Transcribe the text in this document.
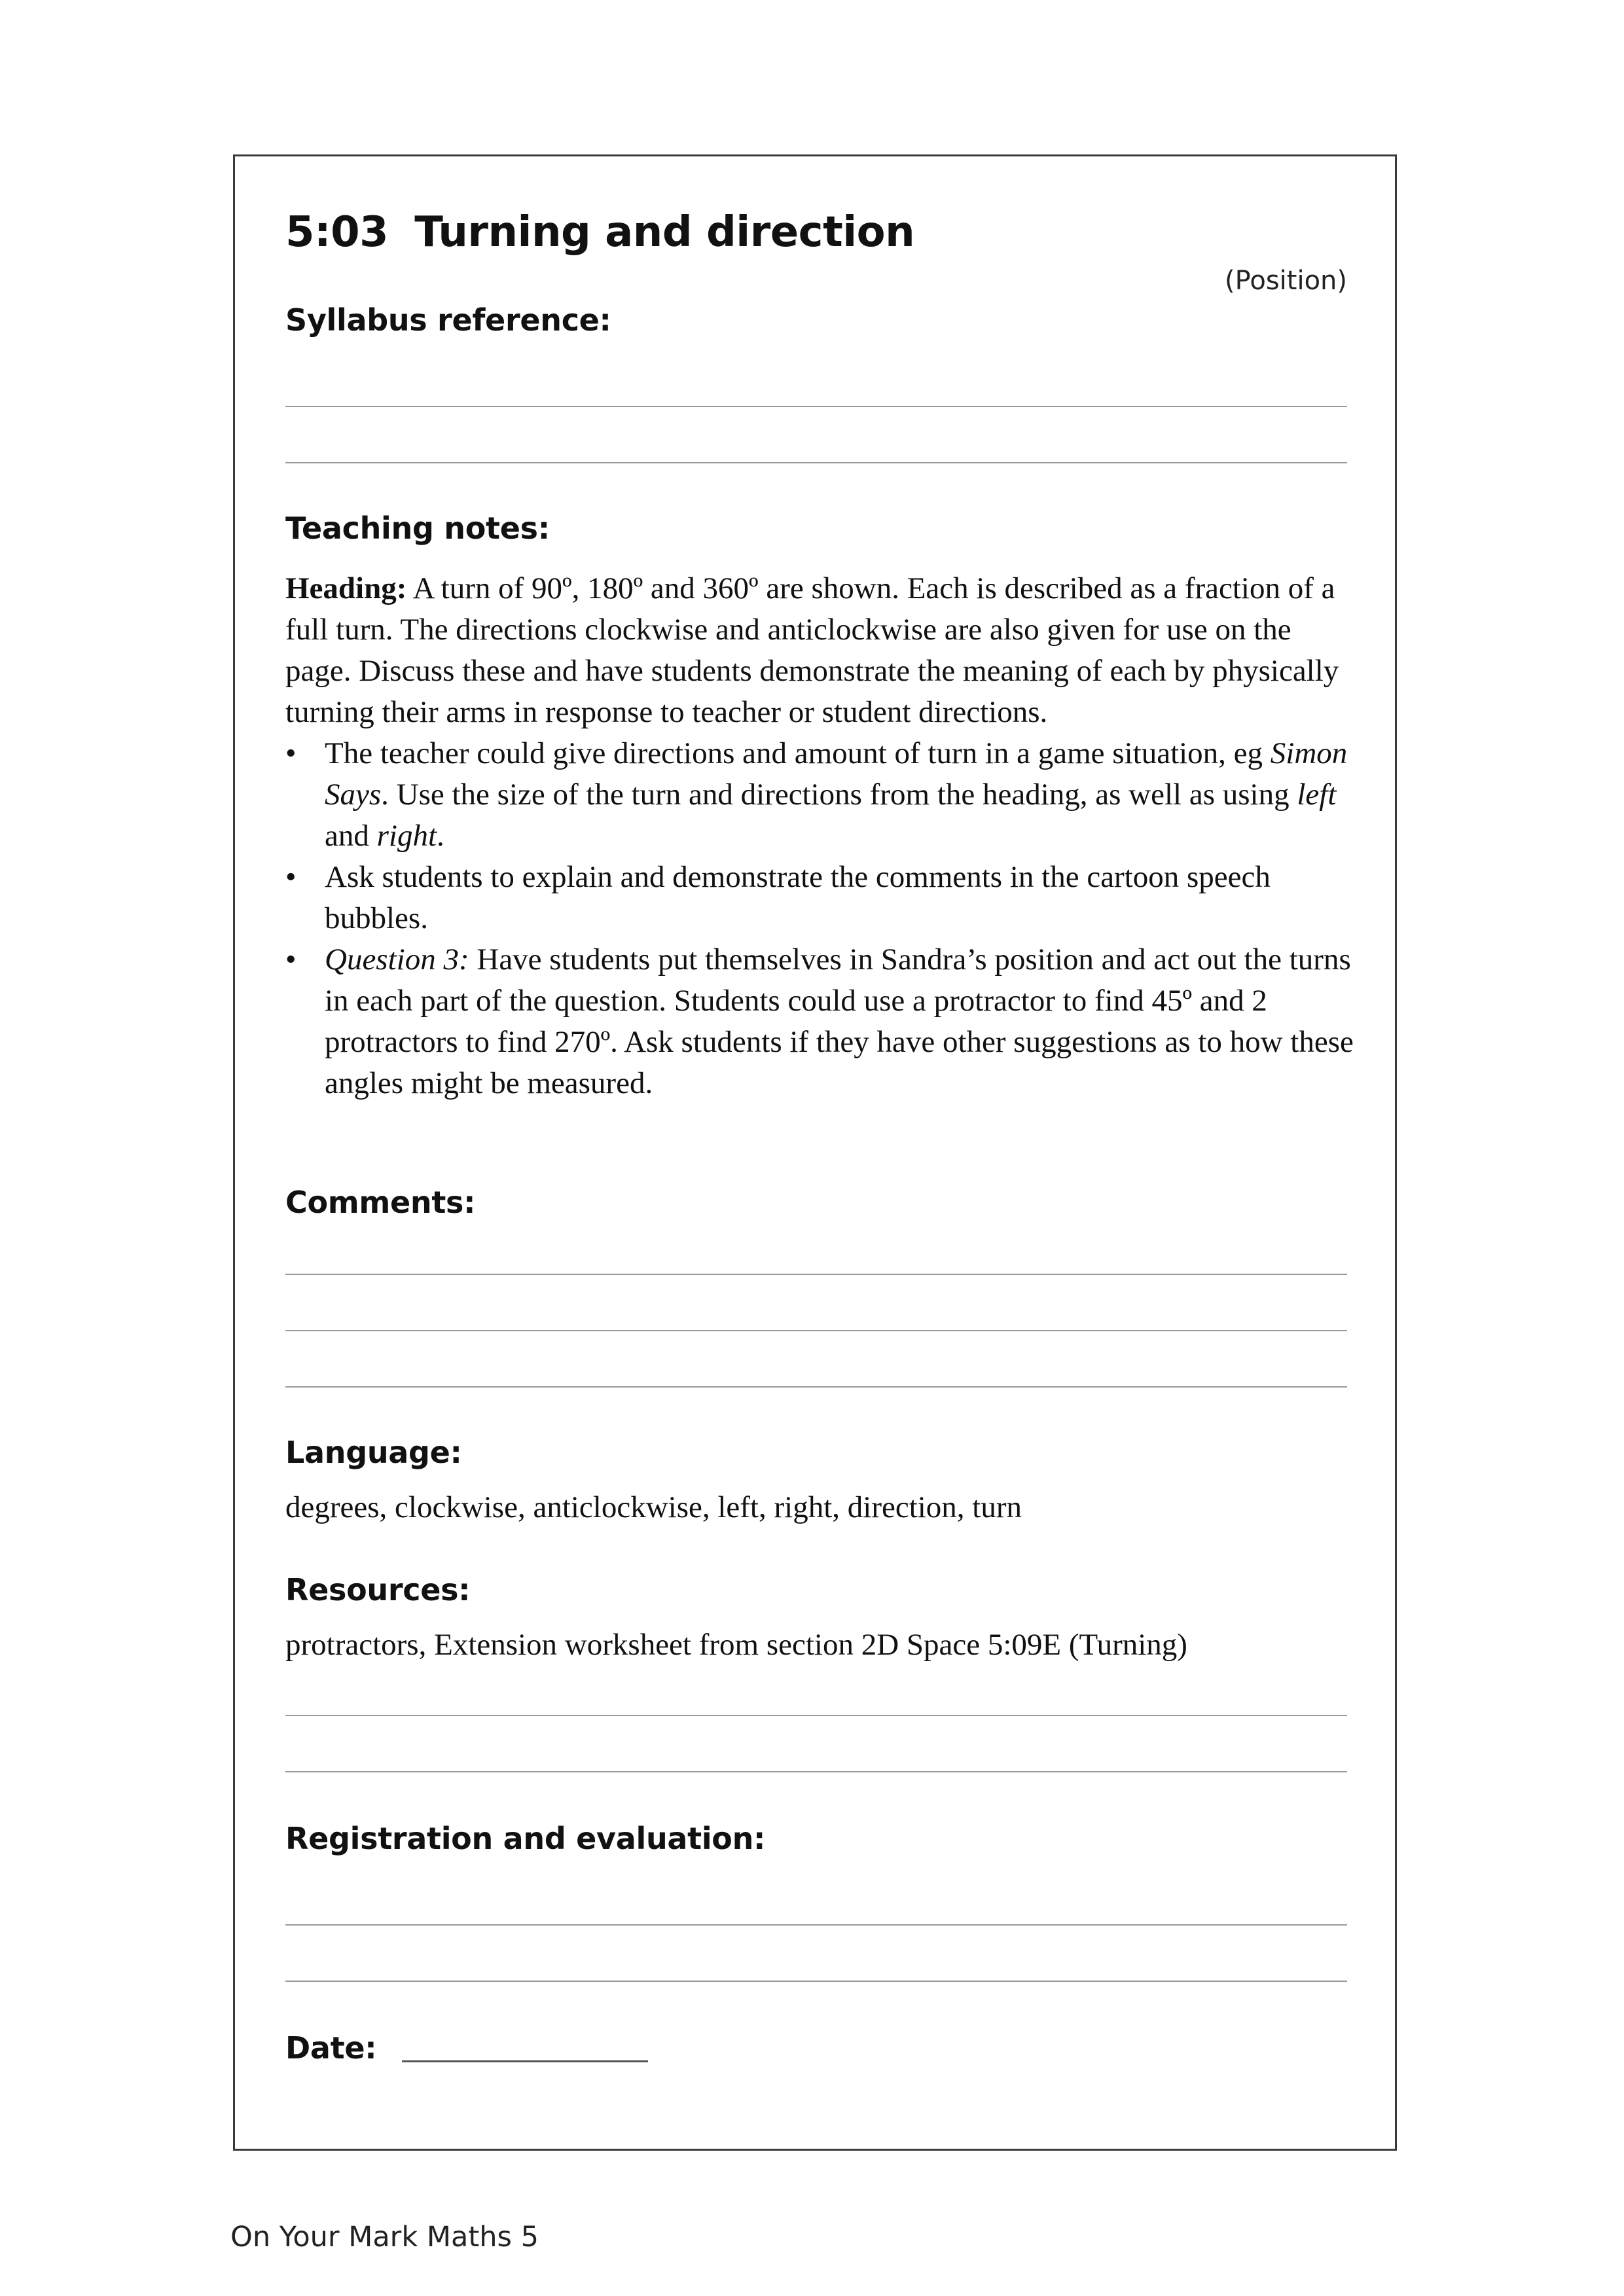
5:03 Turning and direction
(Position)
Syllabus reference:
Teaching notes:

Heading: A turn of 90º, 180º and 360º are shown. Each is described as a fraction of a full turn. The directions clockwise and anticlockwise are also given for use on the page. Discuss these and have students demonstrate the meaning of each by physically turning their arms in response to teacher or student directions.

• The teacher could give directions and amount of turn in a game situation, eg Simon Says. Use the size of the turn and directions from the heading, as well as using left and right.
• Ask students to explain and demonstrate the comments in the cartoon speech bubbles.
• Question 3: Have students put themselves in Sandra’s position and act out the turns in each part of the question. Students could use a protractor to find 45º and 2 protractors to find 270º. Ask students if they have other suggestions as to how these angles might be measured.
Comments:
Language:
degrees, clockwise, anticlockwise, left, right, direction, turn
Resources:
protractors, Extension worksheet from section 2D Space 5:09E (Turning)
Registration and evaluation:
Date:
On Your Mark Maths 5
